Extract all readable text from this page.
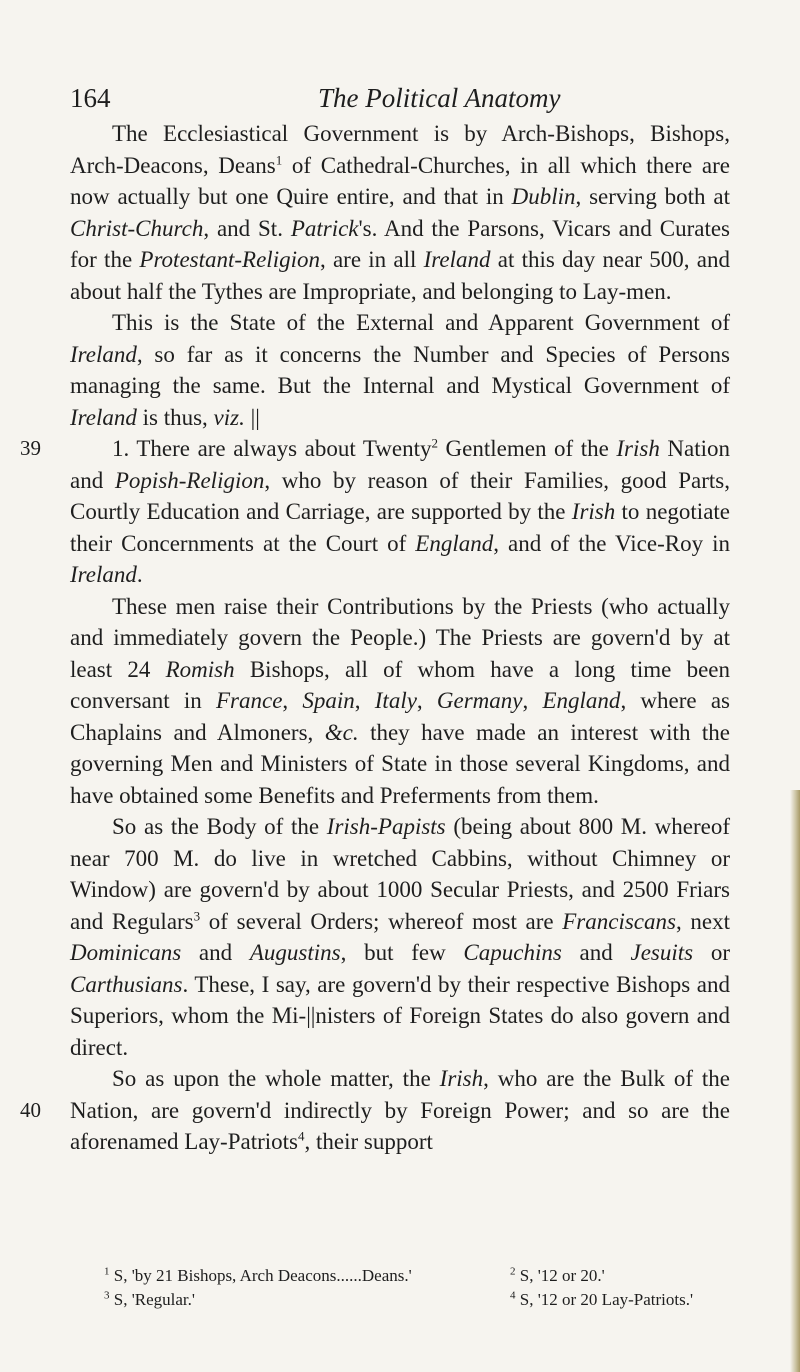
164	The Political Anatomy

The Ecclesiastical Government is by Arch-Bishops, Bishops, Arch-Deacons, Deans$^1$ of Cathedral-Churches, in all which there are now actually but one Quire entire, and that in Dublin, serving both at Christ-Church, and St. Patrick's. And the Parsons, Vicars and Curates for the Protestant-Religion, are in all Ireland at this day near 500, and about half the Tythes are Impropriate, and belonging to Lay-men.

This is the State of the External and Apparent Government of Ireland, so far as it concerns the Number and Species of Persons managing the same. But the Internal and Mystical Government of Ireland is thus, viz. ||

1. There are always about Twenty$^2$ Gentlemen of the Irish Nation and Popish-Religion, who by reason of their Families, good Parts, Courtly Education and Carriage, are supported by the Irish to negotiate their Concernments at the Court of England, and of the Vice-Roy in Ireland.

39

These men raise their Contributions by the Priests (who actually and immediately govern the People.) The Priests are govern'd by at least 24 Romish Bishops, all of whom have a long time been conversant in France, Spain, Italy, Germany, England, where as Chaplains and Almoners, &c. they have made an interest with the governing Men and Ministers of State in those several Kingdoms, and have obtained some Benefits and Preferments from them.

So as the Body of the Irish-Papists (being about 800 M. whereof near 700 M. do live in wretched Cabbins, without Chimney or Window) are govern'd by about 1000 Secular Priests, and 2500 Friars and Regulars$^3$ of several Orders; whereof most are Franciscans, next Dominicans and Augustins, but few Capuchins and Jesuits or Carthusians. These, I say, are govern'd by their respective Bishops and Superiors, whom the Mi-||nisters of Foreign States do also govern and direct.

40

So as upon the whole matter, the Irish, who are the Bulk of the Nation, are govern'd indirectly by Foreign Power; and so are the aforenamed Lay-Patriots$^4$, their support

$^1$ S, 'by 21 Bishops, Arch Deacons......Deans.'	$^2$ S, '12 or 20.'
$^3$ S, 'Regular.'	$^4$ S, '12 or 20 Lay-Patriots.'
